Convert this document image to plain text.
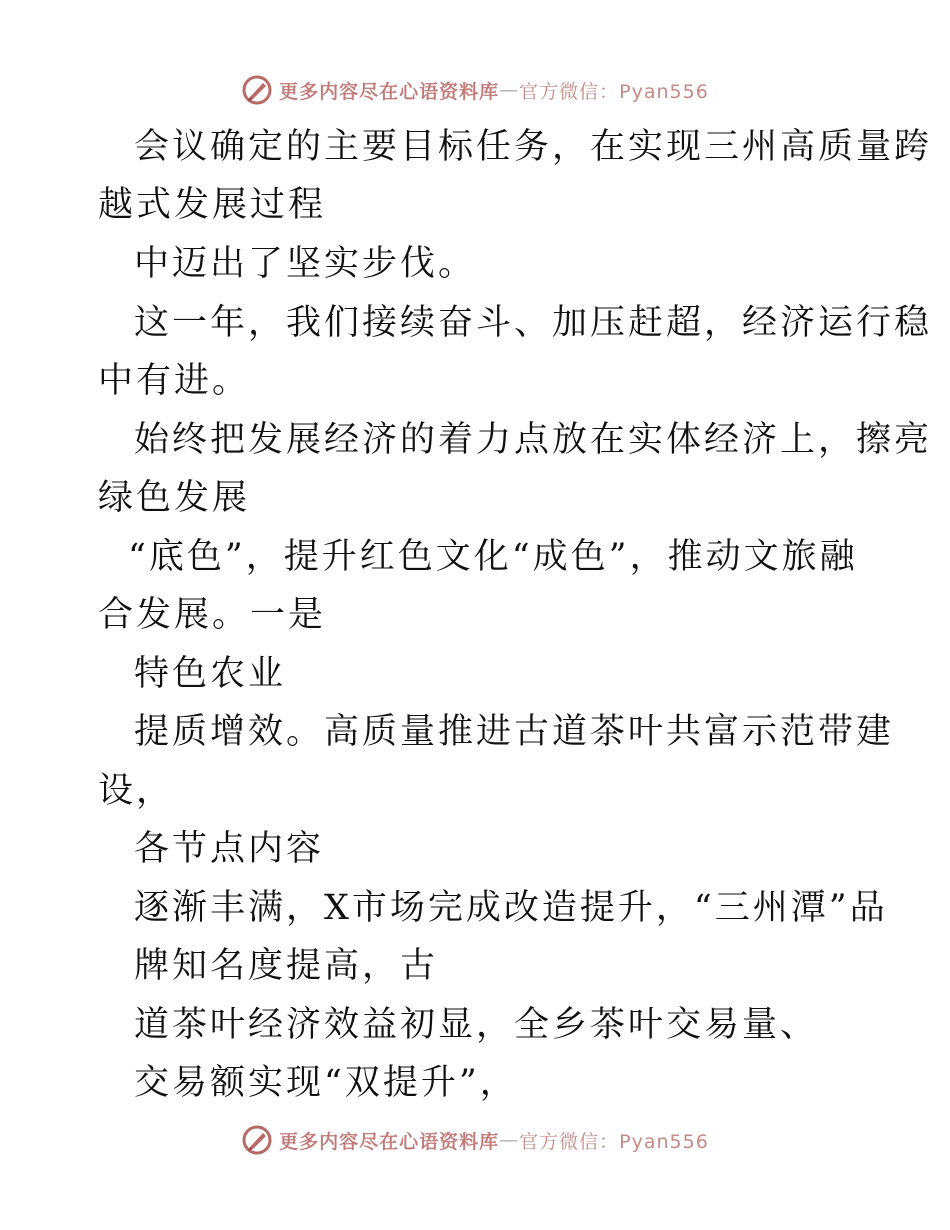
更多内容尽在心语资料库 — 官方微信：Pyan556
会议确定的主要目标任务，在实现三州高质量跨
越式发展过程
中迈出了坚实步伐。
这一年，我们接续奋斗、加压赶超，经济运行稳
中有进。
始终把发展经济的着力点放在实体经济上，擦亮
绿色发展
“底色”，提升红色文化“成色”，推动文旅融
合发展。一是
特色农业
提质增效。高质量推进古道茶叶共富示范带建
设，
各节点内容
逐渐丰满，X市场完成改造提升，“三州潭”品
牌知名度提高，古
道茶叶经济效益初显，全乡茶叶交易量、
交易额实现“双提升”，
更多内容尽在心语资料库 — 官方微信：Pyan556
